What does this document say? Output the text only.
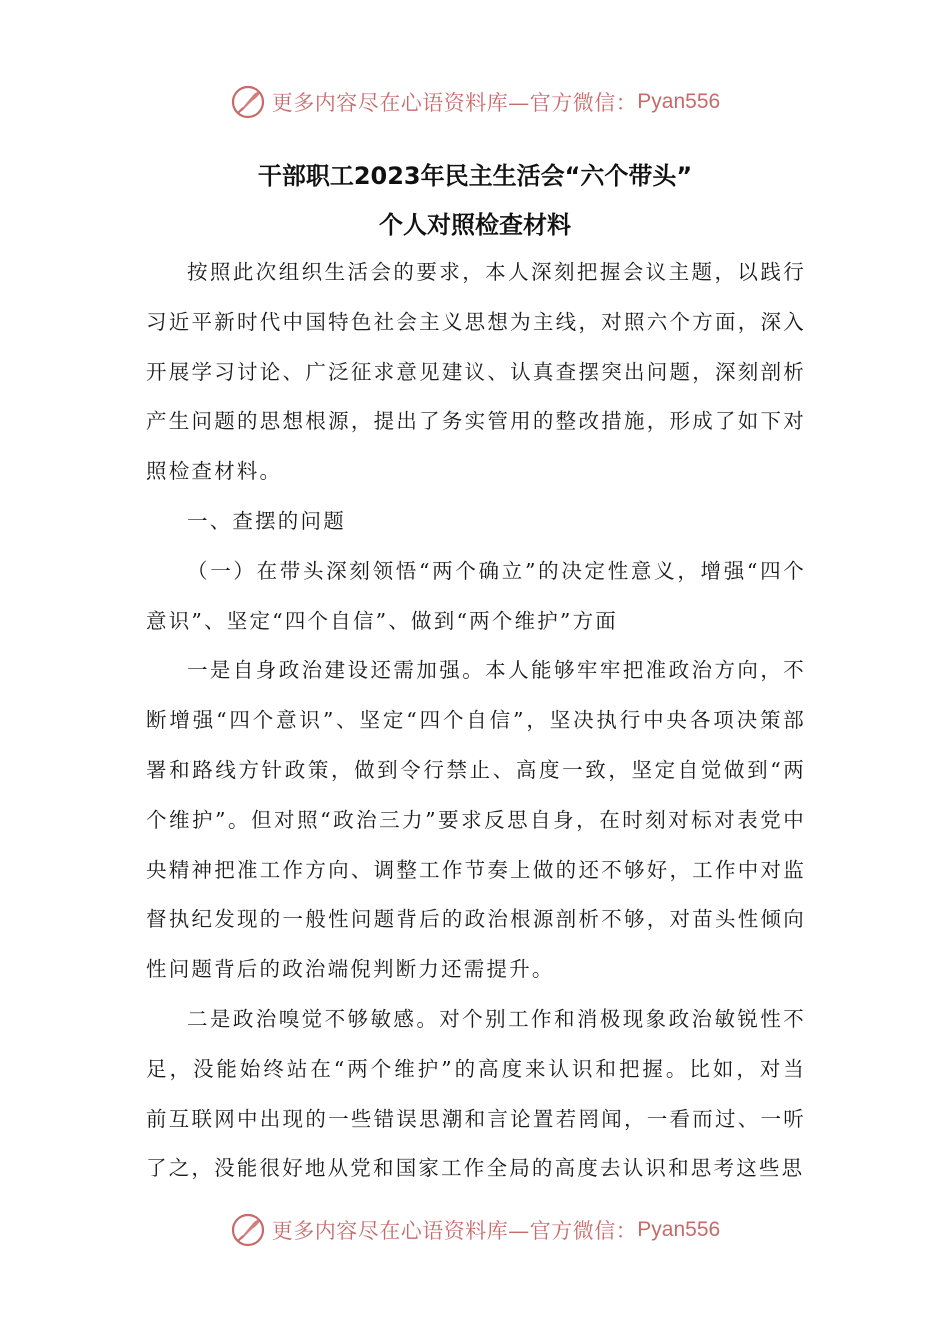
更多内容尽在心语资料库—官方微信： Pyan556
干部职工2023年民主生活会“六个带头”
个人对照检查材料

按照此次组织生活会的要求，本人深刻把握会议主题，以践行习近平新时代中国特色社会主义思想为主线，对照六个方面，深入开展学习讨论、广泛征求意见建议、认真查摆突出问题，深刻剖析产生问题的思想根源，提出了务实管用的整改措施，形成了如下对照检查材料。

一、查摆的问题

（一）在带头深刻领悟“两个确立”的决定性意义，增强“四个意识”、坚定“四个自信”、做到“两个维护”方面

一是自身政治建设还需加强。本人能够牢牢把准政治方向，不断增强“四个意识”、坚定“四个自信”，坚决执行中央各项决策部署和路线方针政策，做到令行禁止、高度一致，坚定自觉做到“两个维护”。但对照“政治三力”要求反思自身，在时刻对标对表党中央精神把准工作方向、调整工作节奏上做的还不够好，工作中对监督执纪发现的一般性问题背后的政治根源剖析不够，对苗头性倾向性问题背后的政治端倪判断力还需提升。

二是政治嗅觉不够敏感。对个别工作和消极现象政治敏锐性不足，没能始终站在“两个维护”的高度来认识和把握。比如，对当前互联网中出现的一些错误思潮和言论置若罔闻，一看而过、一听了之，没能很好地从党和国家工作全局的高度去认识和思考这些思

更多内容尽在心语资料库—官方微信： Pyan556
